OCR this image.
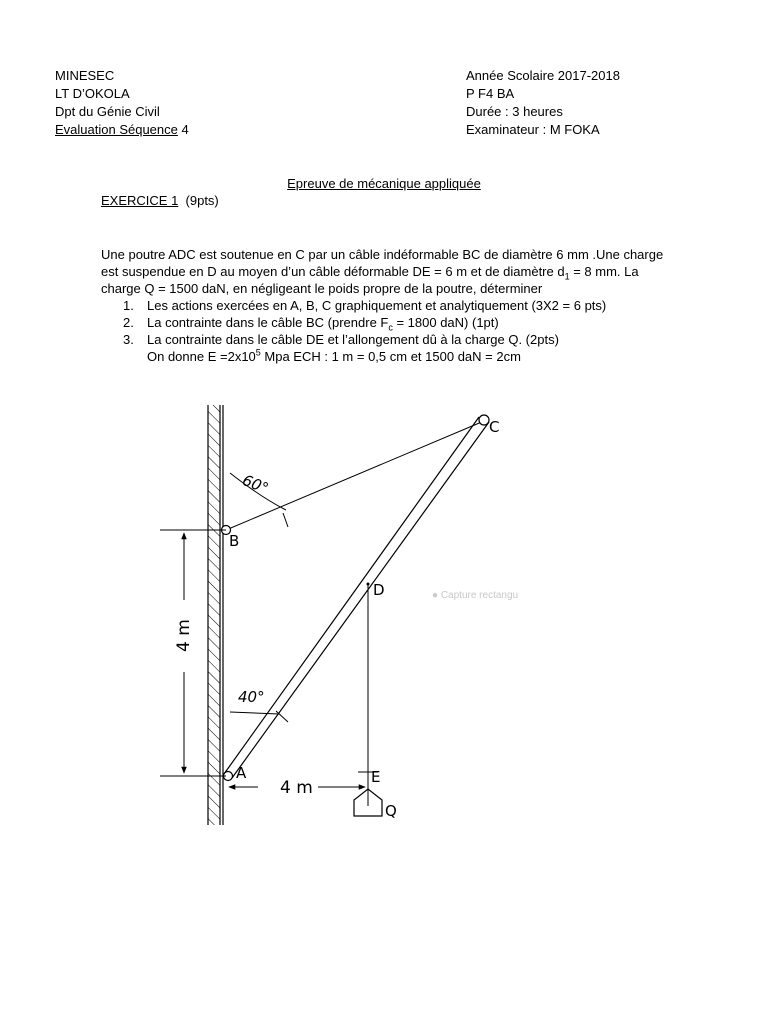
MINESEC
LT D’OKOLA
Dpt du Génie Civil
Evaluation Séquence 4
Année Scolaire 2017-2018
P F4 BA
Durée : 3 heures
Examinateur : M FOKA
Epreuve de mécanique appliquée
EXERCICE 1  (9pts)

Une poutre ADC est soutenue en C par un câble indéformable BC de diamètre 6 mm .Une charge

est suspendue en D au moyen d’un câble déformable DE = 6 m et de diamètre $d_1 = 8$ mm. La

charge Q = 1500 daN, en négligeant le poids propre de la poutre, déterminer

1. Les actions exercées en A, B, C graphiquement et analytiquement (3X2 = 6 pts)
2. La contrainte dans le câble BC (prendre $F_c = 1800$ daN) (1pt)
3. La contrainte dans le câble DE et l’allongement dû à la charge Q. (2pts)
On donne $E =2x10^5$ Mpa ECH : 1 m = 0,5 cm et 1500 daN = 2cm
C
B
D
A	E
Q
60°
40°
4 m
4 m
● Capture rectangu
